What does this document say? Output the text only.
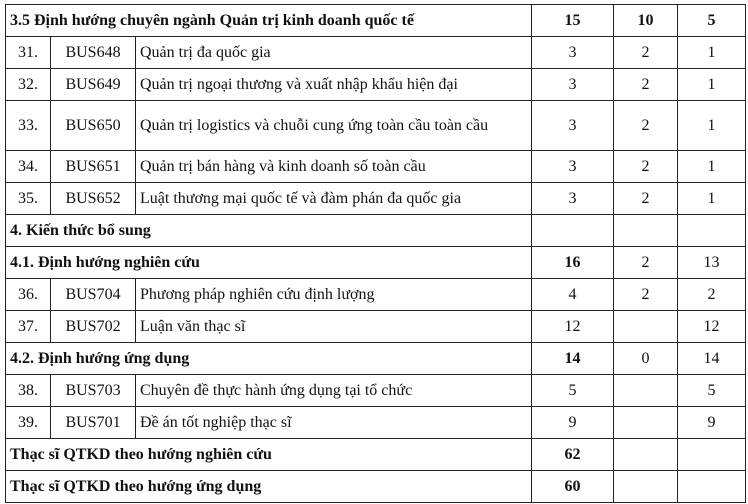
3.5 Định hướng chuyên ngành Quản trị kinh doanh quốc tế			15	10	5
31.	BUS648	Quản trị đa quốc gia	3	2	1
32.	BUS649	Quản trị ngoại thương và xuất nhập khẩu hiện đại	3	2	1
33.	BUS650	Quản trị logistics và chuỗi cung ứng toàn cầu toàn cầu	3	2	1
34.	BUS651	Quản trị bán hàng và kinh doanh số toàn cầu	3	2	1
35.	BUS652	Luật thương mại quốc tế và đàm phán đa quốc gia	3	2	1
4. Kiến thức bổ sung					
4.1. Định hướng nghiên cứu			16	2	13
36.	BUS704	Phương pháp nghiên cứu định lượng	4	2	2
37.	BUS702	Luận văn thạc sĩ	12		12
4.2. Định hướng ứng dụng			14	0	14
38.	BUS703	Chuyên đề thực hành ứng dụng tại tổ chức	5		5
39.	BUS701	Đề án tốt nghiệp thạc sĩ	9		9
Thạc sĩ QTKD theo hướng nghiên cứu			62		
Thạc sĩ QTKD theo hướng ứng dụng			60		
